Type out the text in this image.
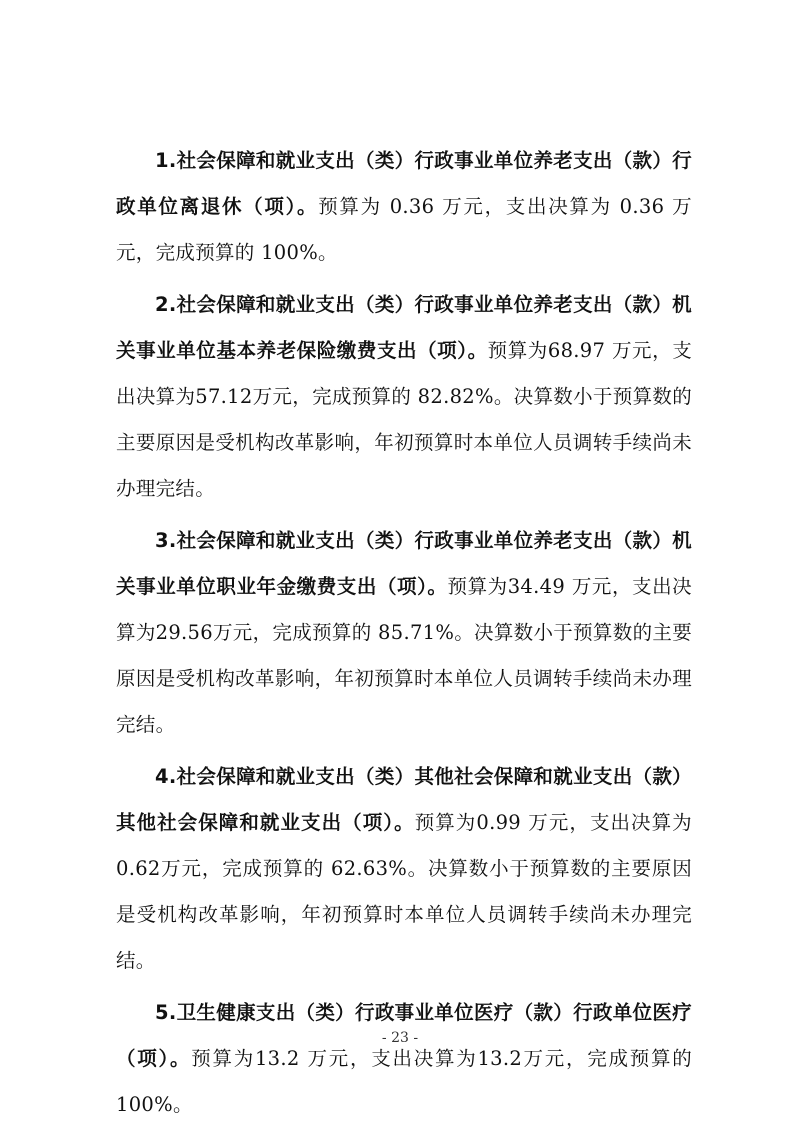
1.社会保障和就业支出（类）行政事业单位养老支出（款）行政单位离退休（项）。预算为 0.36 万元，支出决算为 0.36 万元，完成预算的 100%。

2.社会保障和就业支出（类）行政事业单位养老支出（款）机关事业单位基本养老保险缴费支出（项）。预算为68.97 万元，支出决算为57.12万元，完成预算的 82.82%。决算数小于预算数的主要原因是受机构改革影响，年初预算时本单位人员调转手续尚未办理完结。

3.社会保障和就业支出（类）行政事业单位养老支出（款）机关事业单位职业年金缴费支出（项）。预算为34.49 万元，支出决算为29.56万元，完成预算的 85.71%。决算数小于预算数的主要原因是受机构改革影响，年初预算时本单位人员调转手续尚未办理完结。

4.社会保障和就业支出（类）其他社会保障和就业支出（款）其他社会保障和就业支出（项）。预算为0.99 万元，支出决算为0.62万元，完成预算的 62.63%。决算数小于预算数的主要原因是受机构改革影响，年初预算时本单位人员调转手续尚未办理完结。

5.卫生健康支出（类）行政事业单位医疗（款）行政单位医疗（项）。预算为13.2 万元，支出决算为13.2万元，完成预算的100%。

- 23 -
